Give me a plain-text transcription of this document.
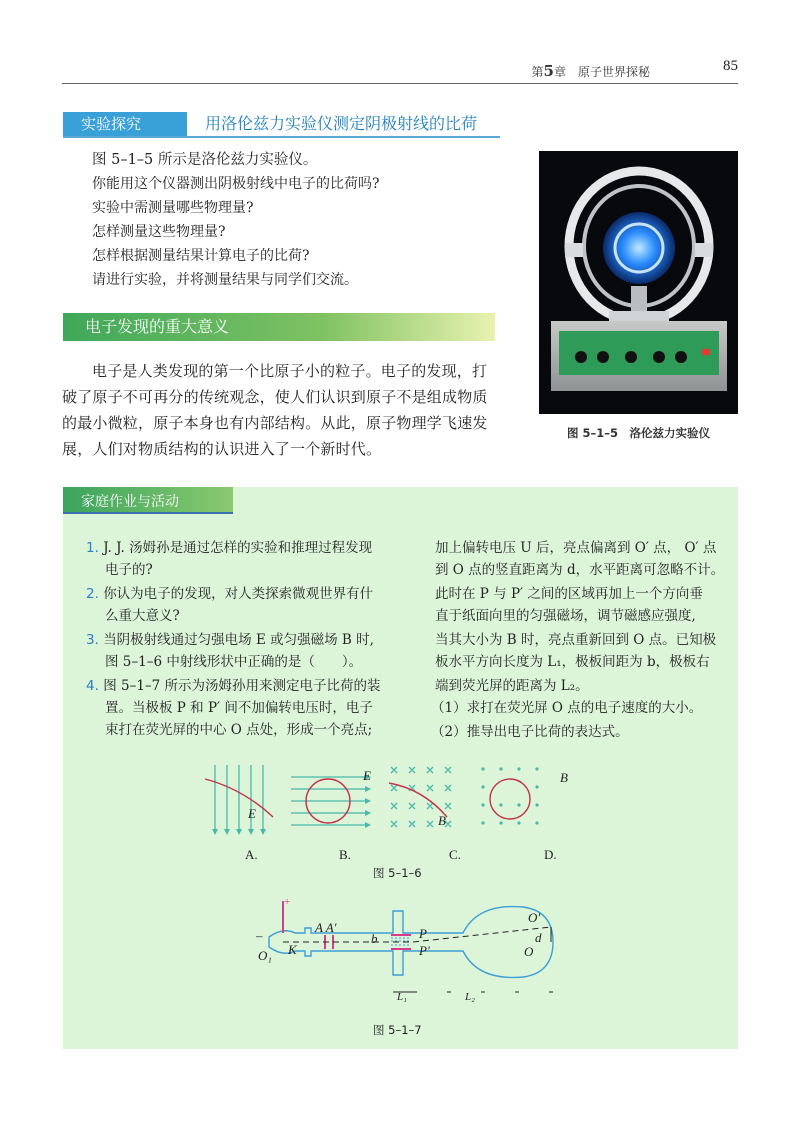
第5章　 原子世界探秘	85
实验探究	用洛伦兹力实验仪测定阴极射线的比荷
图 5–1–5 所示是洛伦兹力实验仪。
你能用这个仪器测出阴极射线中电子的比荷吗?
实验中需测量哪些物理量?
怎样测量这些物理量?
怎样根据测量结果计算电子的比荷?
请进行实验，并将测量结果与同学们交流。
图 5–1–5　洛伦兹力实验仪
电子发现的重大意义
电子是人类发现的第一个比原子小的粒子。电子的发现，打破了原子不可再分的传统观念，使人们认识到原子不是组成物质的最小微粒，原子本身也有内部结构。从此，原子物理学飞速发展，人们对物质结构的认识进入了一个新时代。
家庭作业与活动
1. J. J. 汤姆孙是通过怎样的实验和推理过程发现
电子的?
2. 你认为电子的发现，对人类探索微观世界有什
么重大意义?
3. 当阴极射线通过匀强电场 E 或匀强磁场 B 时,
图 5–1–6 中射线形状中正确的是（　　）。
4. 图 5–1–7 所示为汤姆孙用来测定电子比荷的装
置。当极板 P 和 P′ 间不加偏转电压时，电子
束打在荧光屏的中心 O 点处，形成一个亮点;
加上偏转电压 U 后，亮点偏离到 O′ 点， O′ 点
到 O 点的竖直距离为 d，水平距离可忽略不计。
此时在 P 与 P′ 之间的区域再加上一个方向垂
直于纸面向里的匀强磁场，调节磁感应强度,
当其大小为 B 时，亮点重新回到 O 点。已知极
板水平方向长度为 L₁，极板间距为 b，极板右
端到荧光屏的距离为 L₂。
（1）求打在荧光屏 O 点的电子速度的大小。
（2）推导出电子比荷的表达式。
E
E
B
B
A.	B.	C.	D.
图 5–1–6
+
–
K
O₁
A A′
b	P
P′
O′
d
O
L₁	L₂
图 5–1–7
